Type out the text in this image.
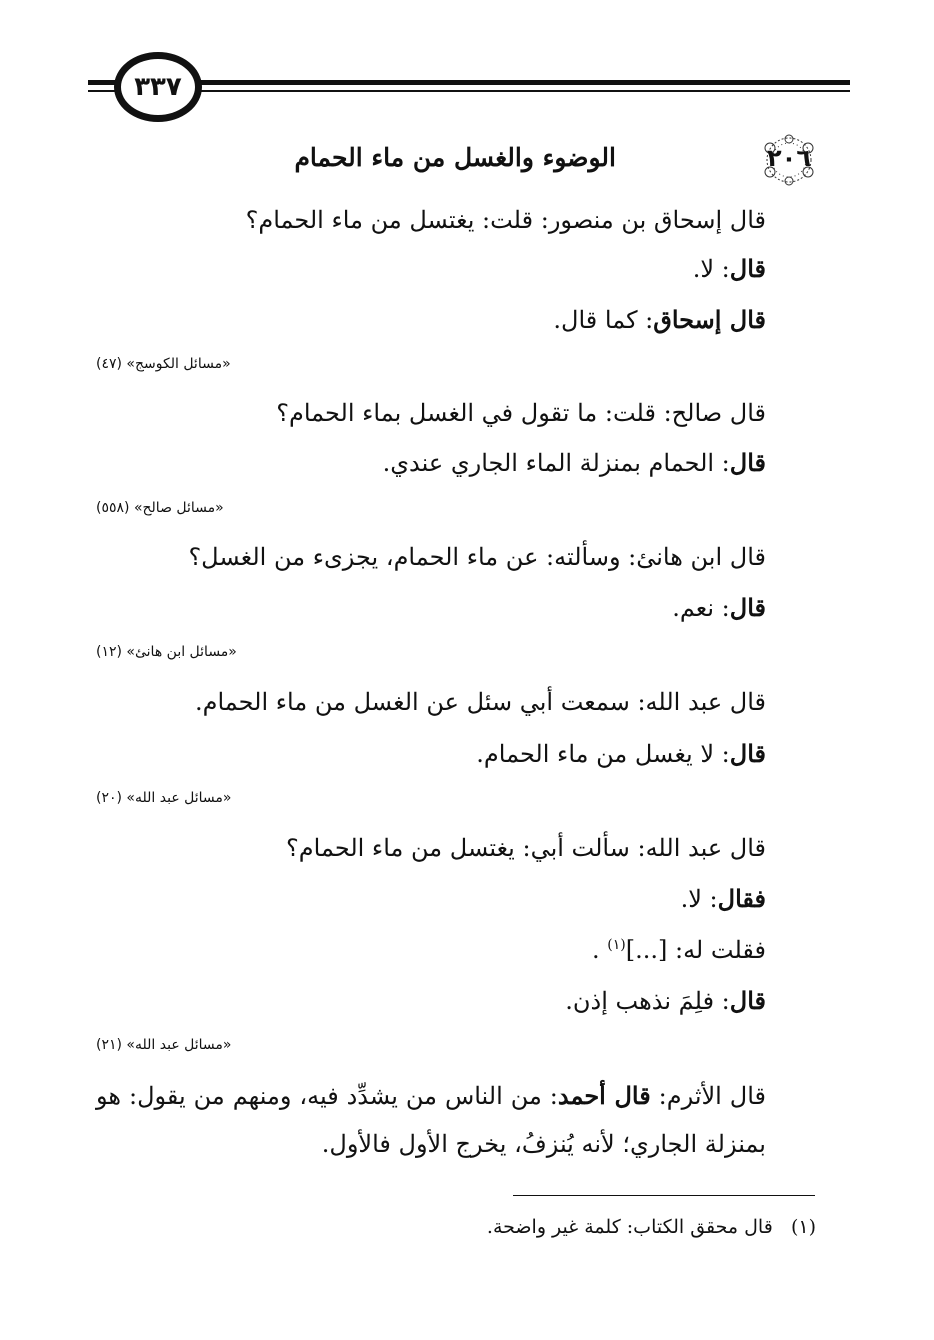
٣٣٧
٢٠٦
الوضوء والغسل من ماء الحمام
قال إسحاق بن منصور: قلت: يغتسل من ماء الحمام؟
قال: لا.
قال إسحاق: كما قال.
«مسائل الكوسج» (٤٧)
قال صالح: قلت: ما تقول في الغسل بماء الحمام؟
قال: الحمام بمنزلة الماء الجاري عندي.
«مسائل صالح» (٥٥٨)
قال ابن هانئ: وسألته: عن ماء الحمام، يجزىء من الغسل؟
قال: نعم.
«مسائل ابن هانئ» (١٢)
قال عبد الله: سمعت أبي سئل عن الغسل من ماء الحمام.
قال: لا يغسل من ماء الحمام.
«مسائل عبد الله» (٢٠)
قال عبد الله: سألت أبي: يغتسل من ماء الحمام؟
فقال: لا.
فقلت له: [...]$^{(١)}$ .
قال: فلِمَ نذهب إذن.
«مسائل عبد الله» (٢١)
قال الأثرم: قال أحمد: من الناس من يشدِّد فيه، ومنهم من يقول: هو بمنزلة الجاري؛ لأنه يُنزفُ، يخرج الأول فالأول.
(١)   قال محقق الكتاب: كلمة غير واضحة.
